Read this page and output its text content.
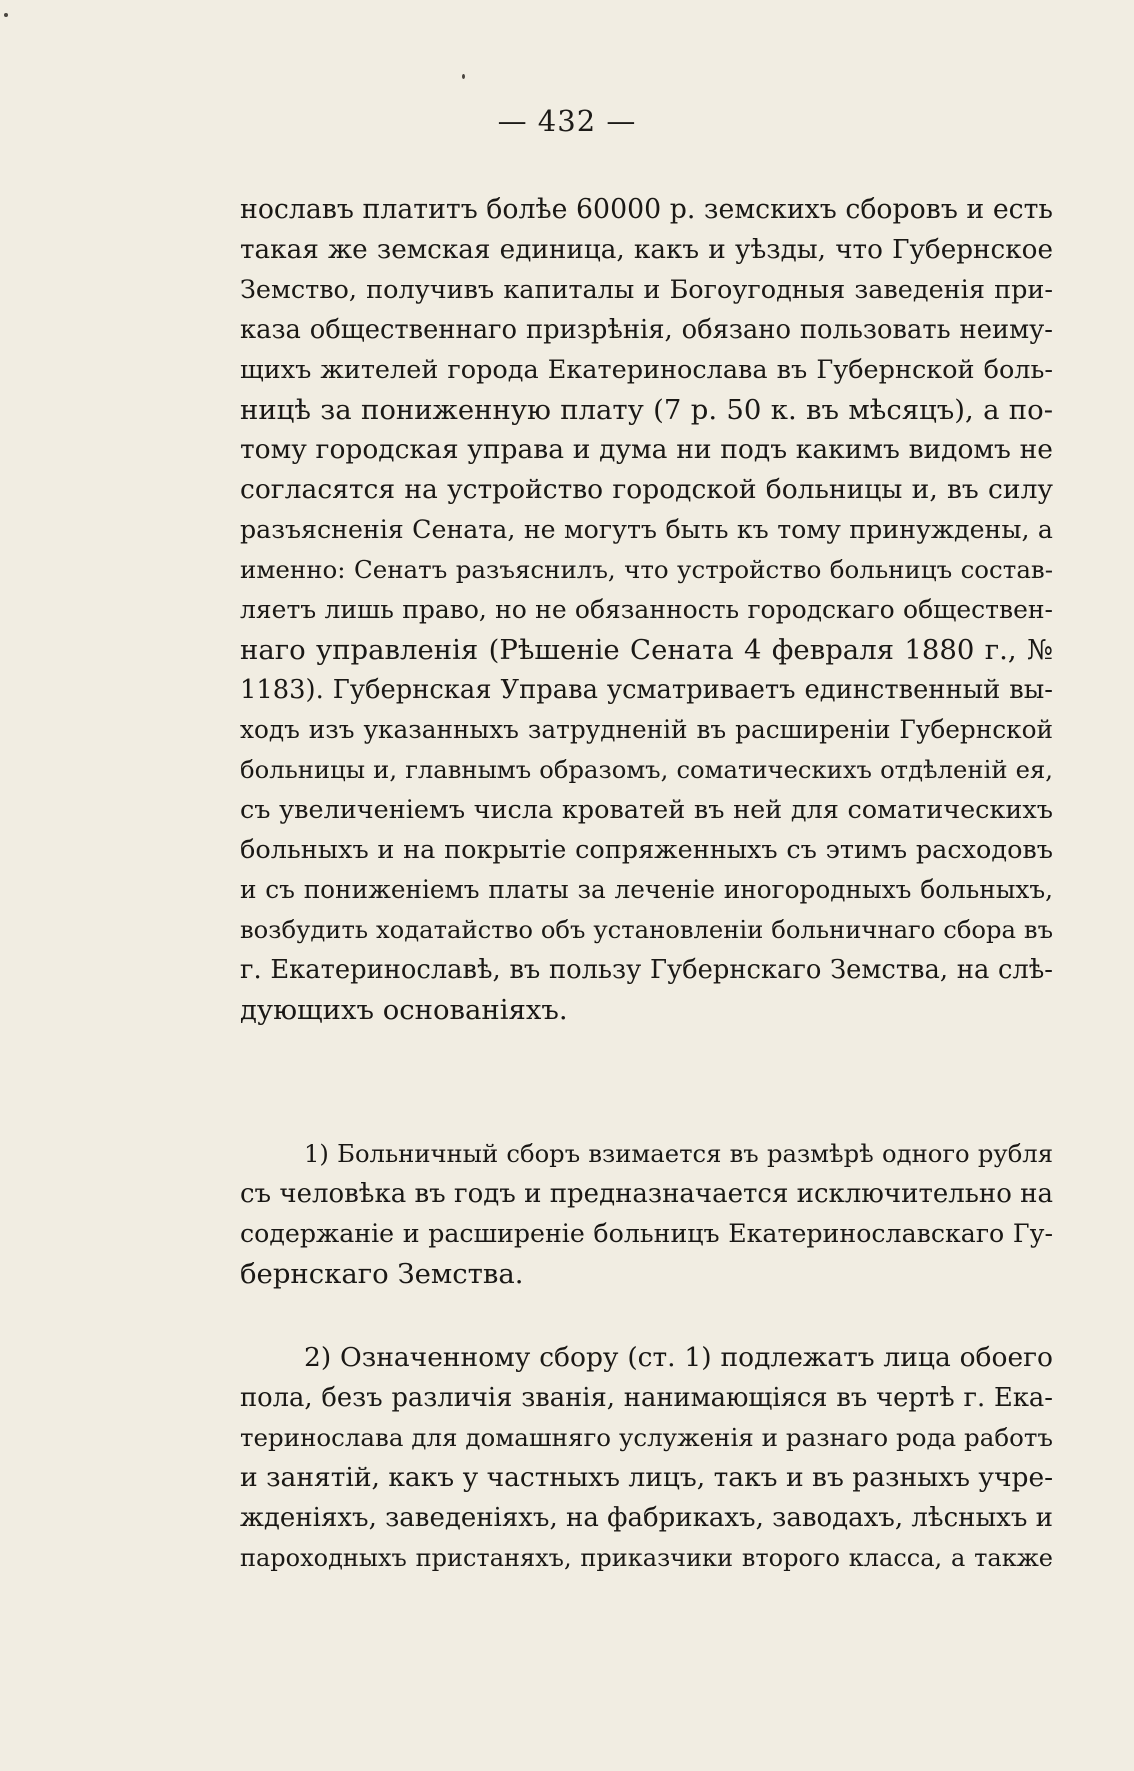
— 432 —
нославъ платитъ болѣе 60000 р. земскихъ сборовъ и есть
такая же земская единица, какъ и уѣзды, что Губернское
Земство, получивъ капиталы и Богоугодныя заведенія при-
каза общественнаго призрѣнія, обязано пользовать неиму-
щихъ жителей города Екатеринослава въ Губернской боль-
ницѣ за пониженную плату (7 р. 50 к. въ мѣсяцъ), а по-
тому городская управа и дума ни подъ какимъ видомъ не
согласятся на устройство городской больницы и, въ силу
разъясненія Сената, не могутъ быть къ тому принуждены, а
именно: Сенатъ разъяснилъ, что устройство больницъ состав-
ляетъ лишь право, но не обязанность городскаго обществен-
наго управленія (Рѣшеніе Сената 4 февраля 1880 г., №
1183). Губернская Управа усматриваетъ единственный вы-
ходъ изъ указанныхъ затрудненій въ расширеніи Губернской
больницы и, главнымъ образомъ, соматическихъ отдѣленій ея,
съ увеличеніемъ числа кроватей въ ней для соматическихъ
больныхъ и на покрытіе сопряженныхъ съ этимъ расходовъ
и съ пониженіемъ платы за леченіе иногородныхъ больныхъ,
возбудить ходатайство объ установленіи больничнаго сбора въ
г. Екатеринославѣ, въ пользу Губернскаго Земства, на слѣ-
дующихъ основаніяхъ.
1) Больничный сборъ взимается въ размѣрѣ одного рубля
съ человѣка въ годъ и предназначается исключительно на
содержаніе и расширеніе больницъ Екатеринославскаго Гу-
бернскаго Земства.
2) Означенному сбору (ст. 1) подлежатъ лица обоего
пола, безъ различія званія, нанимающіяся въ чертѣ г. Ека-
теринослава для домашняго услуженія и разнаго рода работъ
и занятій, какъ у частныхъ лицъ, такъ и въ разныхъ учре-
жденіяхъ, заведеніяхъ, на фабрикахъ, заводахъ, лѣсныхъ и
пароходныхъ пристаняхъ, приказчики второго класса, а также
